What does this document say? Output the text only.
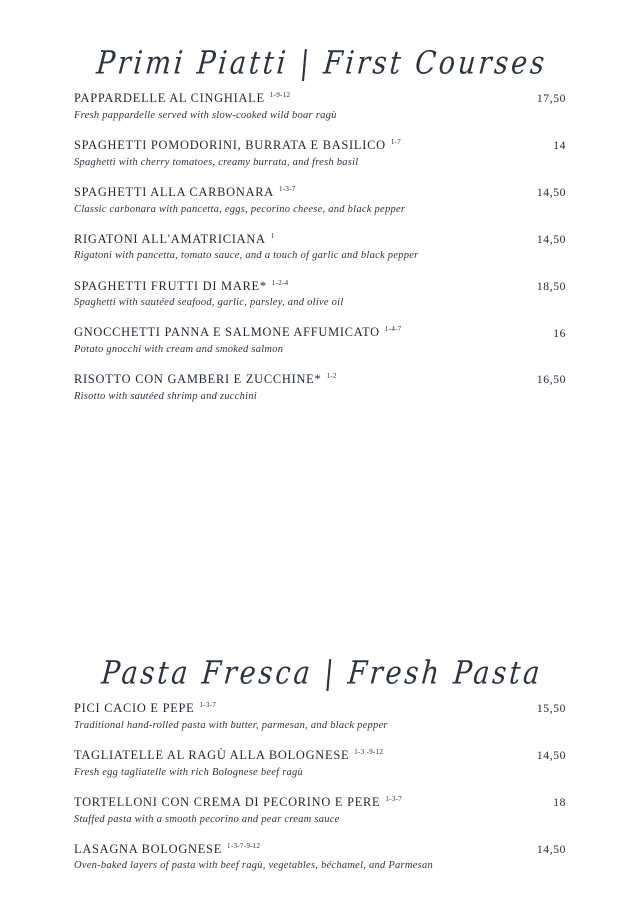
Primi Piatti | First Courses
PAPPARDELLE AL CINGHIALE $^{1-9-12}$	17,50
Fresh pappardelle served with slow-cooked wild boar ragù
SPAGHETTI POMODORINI, BURRATA E BASILICO $^{1-7}$	14
Spaghetti with cherry tomatoes, creamy burrata, and fresh basil
SPAGHETTI ALLA CARBONARA $^{1-3-7}$	14,50
Classic carbonara with pancetta, eggs, pecorino cheese, and black pepper
RIGATONI ALL'AMATRICIANA $^1$	14,50
Rigatoni with pancetta, tomato sauce, and a touch of garlic and black pepper
SPAGHETTI FRUTTI DI MARE* $^{1-2-4}$	18,50
Spaghetti with sautéed seafood, garlic, parsley, and olive oil
GNOCCHETTI PANNA E SALMONE AFFUMICATO $^{1-4-7}$	16
Potato gnocchi with cream and smoked salmon
RISOTTO CON GAMBERI E ZUCCHINE* $^{1-2}$	16,50
Risotto with sautéed shrimp and zucchini
Pasta Fresca | Fresh Pasta
PICI CACIO E PEPE $^{1-3-7}$	15,50
Traditional hand-rolled pasta with butter, parmesan, and black pepper
TAGLIATELLE AL RAGÙ ALLA BOLOGNESE $^{1-3 -9-12}$	14,50
Fresh egg tagliatelle with rich Bolognese beef ragù
TORTELLONI CON CREMA DI PECORINO E PERE $^{1-3-7}$	18
Stuffed pasta with a smooth pecorino and pear cream sauce
LASAGNA BOLOGNESE $^{1-3-7-9-12}$	14,50
Oven-baked layers of pasta with beef ragù, vegetables, béchamel, and Parmesan
